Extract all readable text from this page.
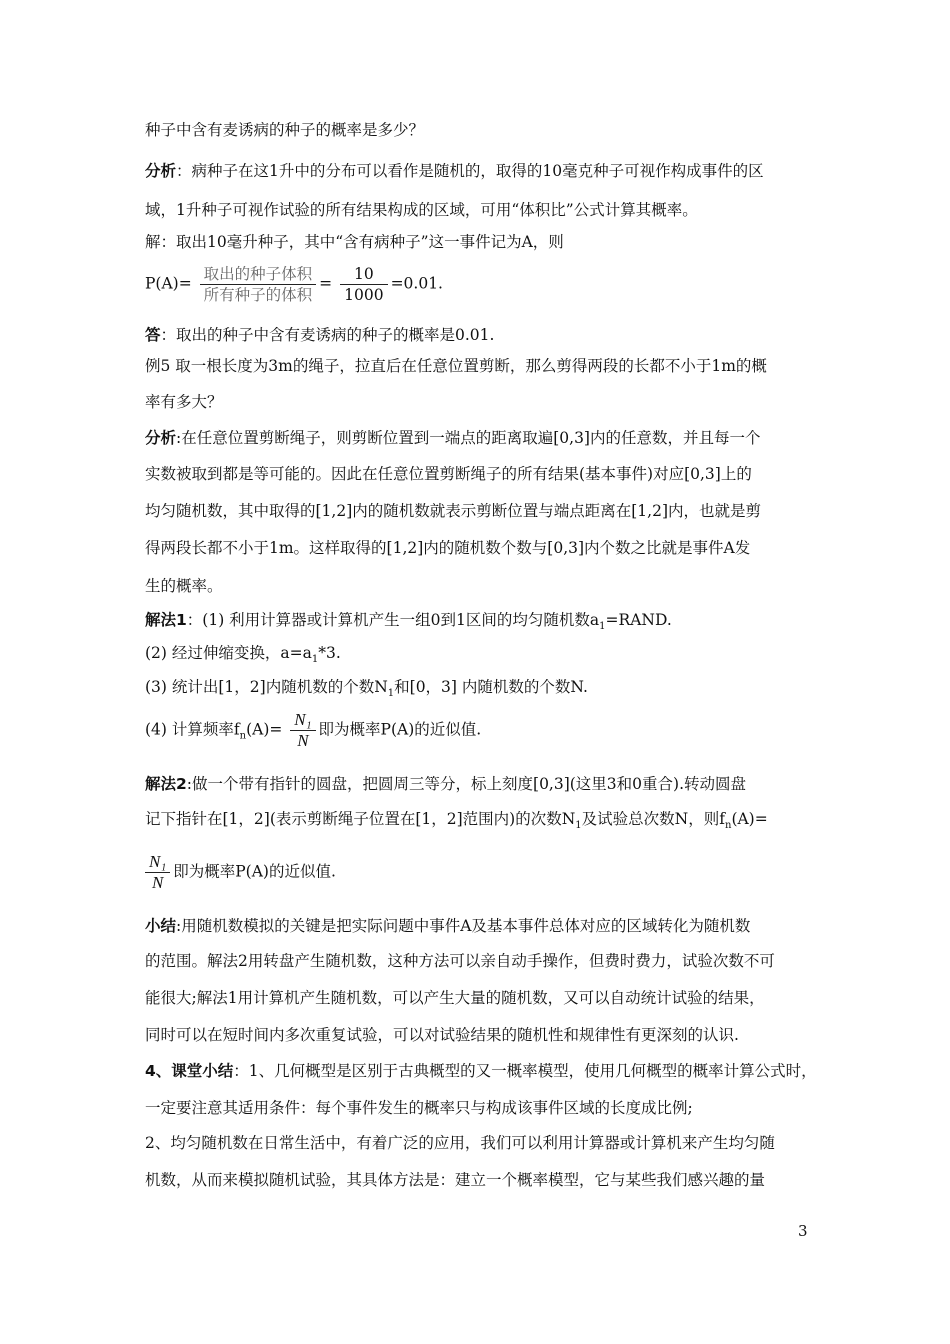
种子中含有麦诱病的种子的概率是多少？
分析：病种子在这1升中的分布可以看作是随机的，取得的10毫克种子可视作构成事件的区
域，1升种子可视作试验的所有结果构成的区域，可用“体积比”公式计算其概率。
解：取出10毫升种子，其中“含有病种子”这一事件记为A，则
$P(A)= \frac{\text{取出的种子体积}}{\text{所有种子的体积}} = \frac{10}{1000} =0.01$.
答：取出的种子中含有麦诱病的种子的概率是0.01.
例5 取一根长度为3m的绳子，拉直后在任意位置剪断，那么剪得两段的长都不小于1m的概
率有多大？
分析:在任意位置剪断绳子，则剪断位置到一端点的距离取遍[0,3]内的任意数，并且每一个
实数被取到都是等可能的。因此在任意位置剪断绳子的所有结果(基本事件)对应[0,3]上的
均匀随机数，其中取得的[1,2]内的随机数就表示剪断位置与端点距离在[1,2]内，也就是剪
得两段长都不小于1m。这样取得的[1,2]内的随机数个数与[0,3]内个数之比就是事件A发
生的概率。
解法1：(1) 利用计算器或计算机产生一组0到1区间的均匀随机数$a_1=RAND$.
(2) 经过伸缩变换，$a=a_1*3$.
(3) 统计出[1，2]内随机数的个数$N_1$和[0，3] 内随机数的个数N.
(4) 计算频率$f_n(A)= \frac{\text{N₁}}{N}$ 即为概率P(A)的近似值.
解法2:做一个带有指针的圆盘，把圆周三等分，标上刻度[0,3](这里3和0重合).转动圆盘
记下指针在[1，2](表示剪断绳子位置在[1，2]范围内)的次数$N_1$及试验总次数N，则$f_n(A)=$
$\frac{\text{N₁}}{N}$ 即为概率P(A)的近似值.
小结:用随机数模拟的关键是把实际问题中事件A及基本事件总体对应的区域转化为随机数
的范围。解法2用转盘产生随机数，这种方法可以亲自动手操作，但费时费力，试验次数不可
能很大;解法1用计算机产生随机数，可以产生大量的随机数，又可以自动统计试验的结果，
同时可以在短时间内多次重复试验，可以对试验结果的随机性和规律性有更深刻的认识.
4、课堂小结：1、几何概型是区别于古典概型的又一概率模型，使用几何概型的概率计算公式时，
一定要注意其适用条件：每个事件发生的概率只与构成该事件区域的长度成比例;
2、均匀随机数在日常生活中，有着广泛的应用，我们可以利用计算器或计算机来产生均匀随
机数，从而来模拟随机试验，其具体方法是：建立一个概率模型，它与某些我们感兴趣的量
3
